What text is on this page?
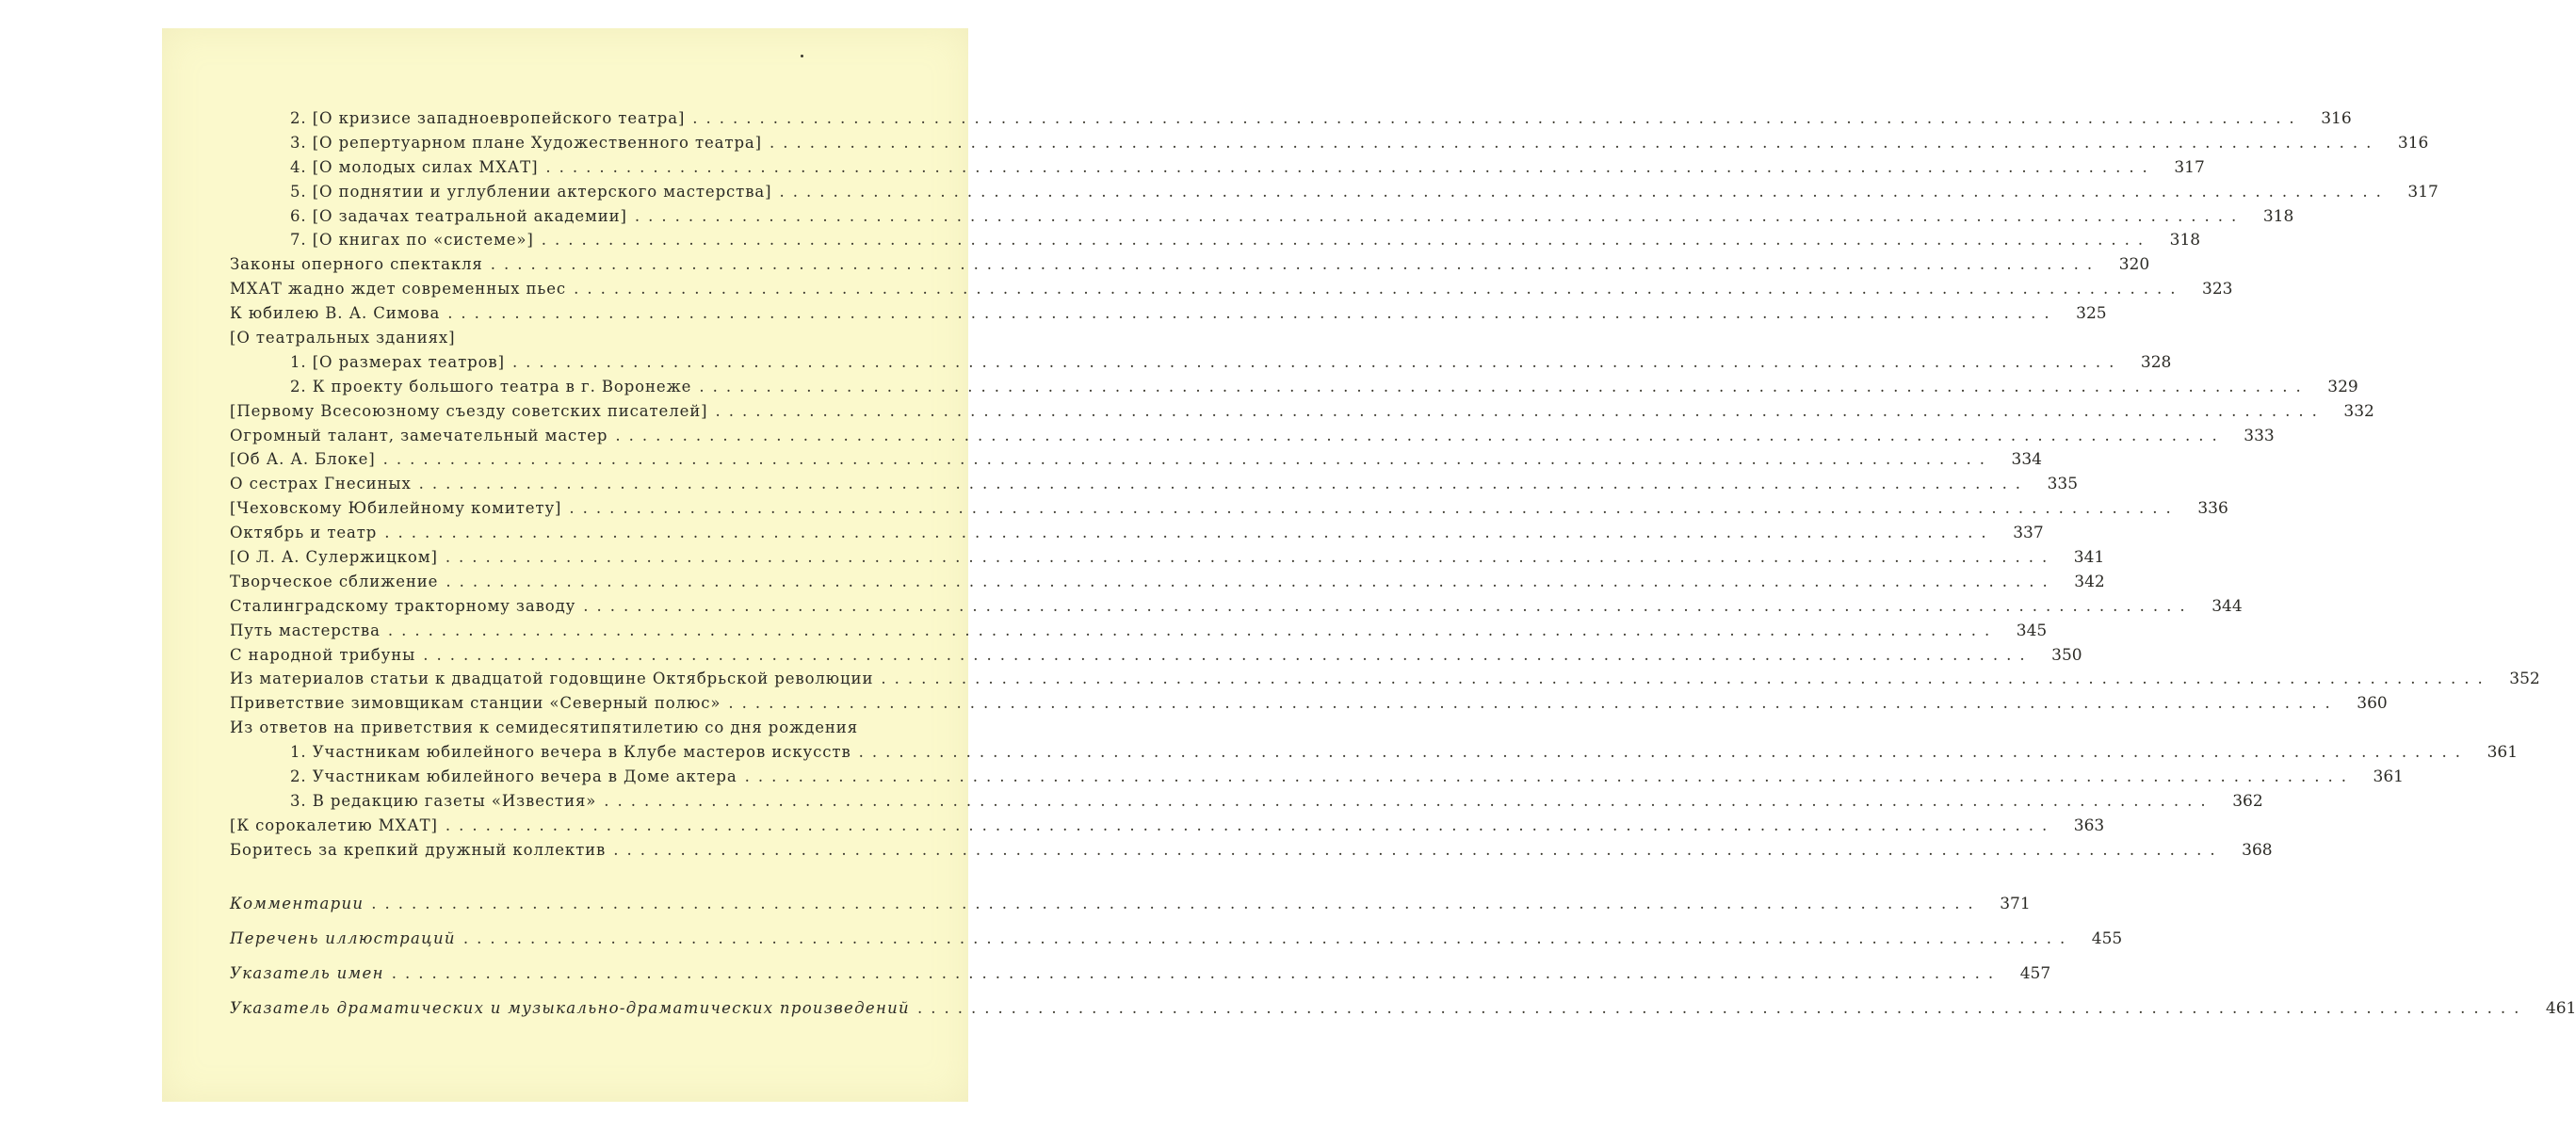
2. [О кризисе западноевропейского театра] ........................................................................................................................	316
3. [О репертуарном плане Художественного театра] ........................................................................................................................	316
4. [О молодых силах МХАТ] ........................................................................................................................	317
5. [О поднятии и углублении актерского мастерства] ........................................................................................................................	317
6. [О задачах театральной академии] ........................................................................................................................	318
7. [О книгах по «системе»] ........................................................................................................................	318
Законы оперного спектакля ........................................................................................................................	320
МХАТ жадно ждет современных пьес ........................................................................................................................	323
К юбилею В. А. Симова ........................................................................................................................	325
[О театральных зданиях]
1. [О размерах театров] ........................................................................................................................	328
2. К проекту большого театра в г. Воронеже ........................................................................................................................	329
[Первому Всесоюзному съезду советских писателей] ........................................................................................................................	332
Огромный талант, замечательный мастер ........................................................................................................................	333
[Об А. А. Блоке] ........................................................................................................................	334
О сестрах Гнесиных ........................................................................................................................	335
[Чеховскому Юбилейному комитету] ........................................................................................................................	336
Октябрь и театр ........................................................................................................................	337
[О Л. А. Сулержицком] ........................................................................................................................	341
Творческое сближение ........................................................................................................................	342
Сталинградскому тракторному заводу ........................................................................................................................	344
Путь мастерства ........................................................................................................................	345
С народной трибуны ........................................................................................................................	350
Из материалов статьи к двадцатой годовщине Октябрьской революции ........................................................................................................................	352
Приветствие зимовщикам станции «Северный полюс» ........................................................................................................................	360
Из ответов на приветствия к семидесятипятилетию со дня рождения
1. Участникам юбилейного вечера в Клубе мастеров искусств ........................................................................................................................	361
2. Участникам юбилейного вечера в Доме актера ........................................................................................................................	361
3. В редакцию газеты «Известия» ........................................................................................................................	362
[К сорокалетию МХАТ] ........................................................................................................................	363
Боритесь за крепкий дружный коллектив ........................................................................................................................	368
Комментарии ........................................................................................................................	371
Перечень иллюстраций ........................................................................................................................	455
Указатель имен ........................................................................................................................	457
Указатель драматических и музыкально-драматических произведений ........................................................................................................................	461
